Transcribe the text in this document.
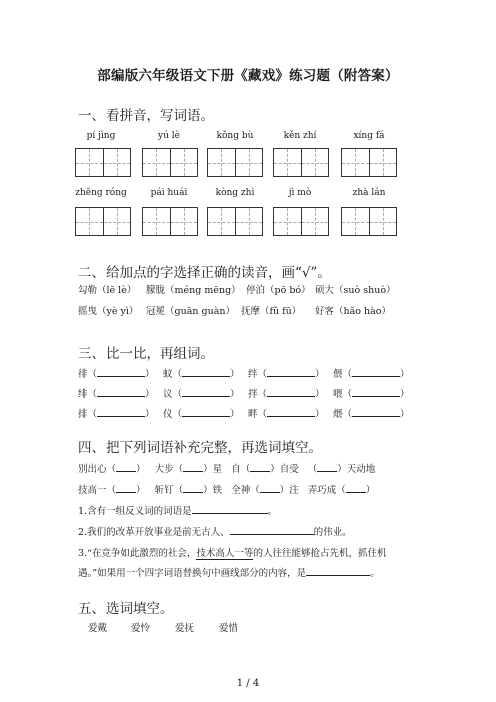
部编版六年级语文下册《藏戏》练习题（附答案）
一、看拼音，写词语。
pí jìng	yú lè	kǒng bù	kěn zhí	xíng fá
zhēng róng	pái huái	kòng zhì	jì mò	zhà lán
二、给加点的字选择正确的读音，画“√”。
勾勒（lē lè） 朦胧（méng mēng） 停泊（pō bó） 硕大（suò shuò）
摇曳（yè yì） 冠冕（guān guàn） 抚摩（fǔ fū） 好客（hǎo hào）
三、比一比，再组词。
徘（	） 蚊（	） 绊（	） 偎（	）
绯（	） 议（	） 拌（	） 喂（	）
排（	） 仪（	） 畔（	） 煨（	）
四、把下列词语补充完整，再选词填空。
别出心（ ） 大步（ ）星 自（ ）自受 （ ）天动地
技高一（ ） 斩钉（ ）铁 全神（ ）注 弄巧成（ ）
1.含有一组反义词的词语是	。
2.我们的改革开放事业是前无古人、	的伟业。
3.“在竞争如此激烈的社会，技术高人一等的人往往能够抢占先机，抓住机
遇。”如果用一个四字词语替换句中画线部分的内容，是	。
五、选词填空。
爱戴	爱怜	爱抚	爱惜
1 / 4
